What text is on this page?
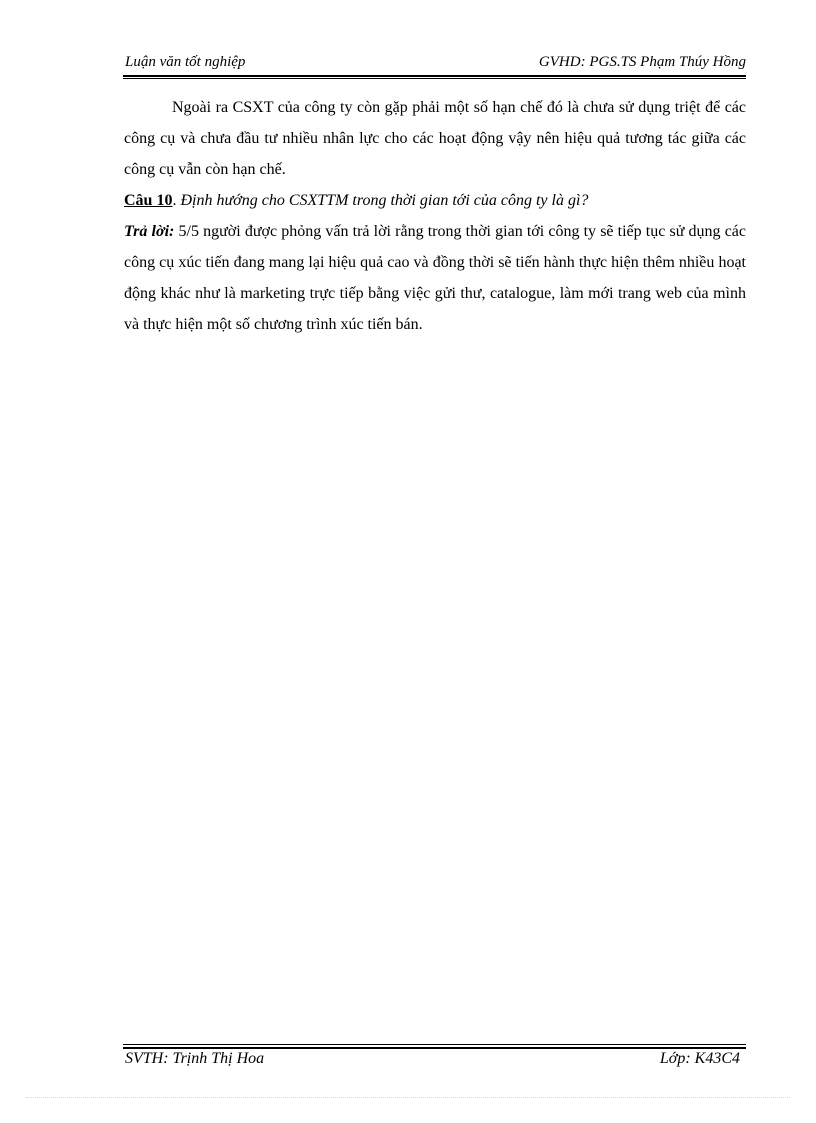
Luận văn tốt nghiệp	GVHD: PGS.TS Phạm Thúy Hồng

Ngoài ra CSXT của công ty còn gặp phải một số hạn chế đó là chưa sử dụng triệt để các công cụ và chưa đầu tư nhiều nhân lực cho các hoạt động vậy nên hiệu quả tương tác giữa các công cụ vẫn còn hạn chế.

Câu 10. Định hướng cho CSXTTM trong thời gian tới của công ty là gì?

Trả lời: 5/5 người được phỏng vấn trả lời rằng trong thời gian tới công ty sẽ tiếp tục sử dụng các công cụ xúc tiến đang mang lại hiệu quả cao và đồng thời sẽ tiến hành thực hiện thêm nhiều hoạt động khác như là marketing trực tiếp bằng việc gửi thư, catalogue, làm mới trang web của mình và thực hiện một số chương trình xúc tiến bán.

SVTH: Trịnh Thị Hoa	Lớp: K43C4
